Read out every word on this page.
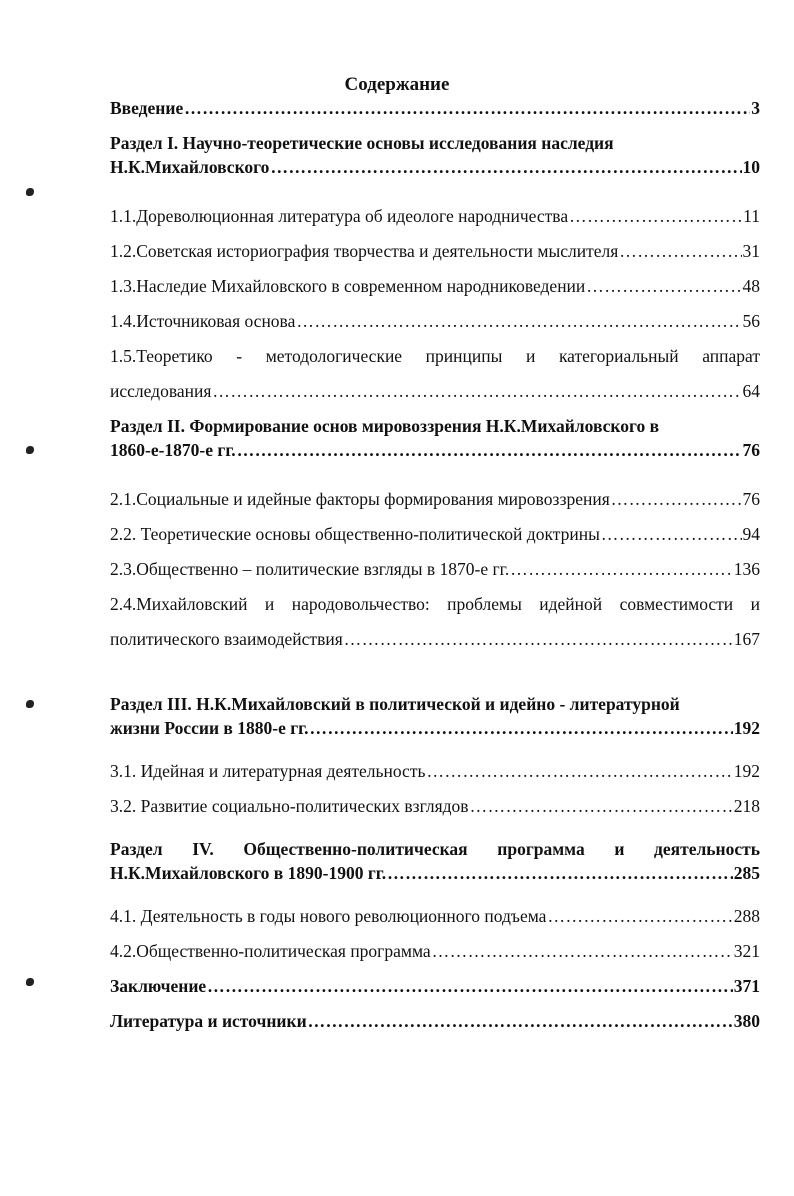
Содержание
Введение …………………………………………………………………………………………………………………………………………………	3
Раздел I. Научно-теоретические основы исследования наследия
Н.К.Михайловского …………………………………………………………………………………………………………………………………………………	10
1.1.Дореволюционная литература об идеологе народничества …………………………………………………………………………………………………………………………………………………	11
1.2.Советская историография творчества и деятельности мыслителя …………………………………………………………………………………………………………………………………………………	31
1.3.Наследие Михайловского в современном народниковедении …………………………………………………………………………………………………………………………………………………	48
1.4.Источниковая основа …………………………………………………………………………………………………………………………………………………	56
1.5.Теоретико - методологические принципы и категориальный аппарат
исследования …………………………………………………………………………………………………………………………………………………	64
Раздел II. Формирование основ мировоззрения Н.К.Михайловского в
1860-е-1870-е гг. …………………………………………………………………………………………………………………………………………………	76
2.1.Социальные и идейные факторы формирования мировоззрения …………………………………………………………………………………………………………………………………………………	76
2.2. Теоретические основы общественно-политической доктрины …………………………………………………………………………………………………………………………………………………	94
2.3.Общественно – политические взгляды в 1870-е гг. …………………………………………………………………………………………………………………………………………………	136
2.4.Михайловский и народовольчество: проблемы идейной совместимости и
политического взаимодействия …………………………………………………………………………………………………………………………………………………	167
Раздел III. Н.К.Михайловский в политической и идейно - литературной
жизни России в 1880-е гг. …………………………………………………………………………………………………………………………………………………	192
3.1. Идейная и литературная деятельность …………………………………………………………………………………………………………………………………………………	192
3.2. Развитие социально-политических взглядов …………………………………………………………………………………………………………………………………………………	218
Раздел IV. Общественно-политическая программа и деятельность
Н.К.Михайловского в 1890-1900 гг. …………………………………………………………………………………………………………………………………………………	285
4.1. Деятельность в годы нового революционного подъема …………………………………………………………………………………………………………………………………………………	288
4.2.Общественно-политическая программа …………………………………………………………………………………………………………………………………………………	321
Заключение …………………………………………………………………………………………………………………………………………………	371
Литература и источники …………………………………………………………………………………………………………………………………………………	380
